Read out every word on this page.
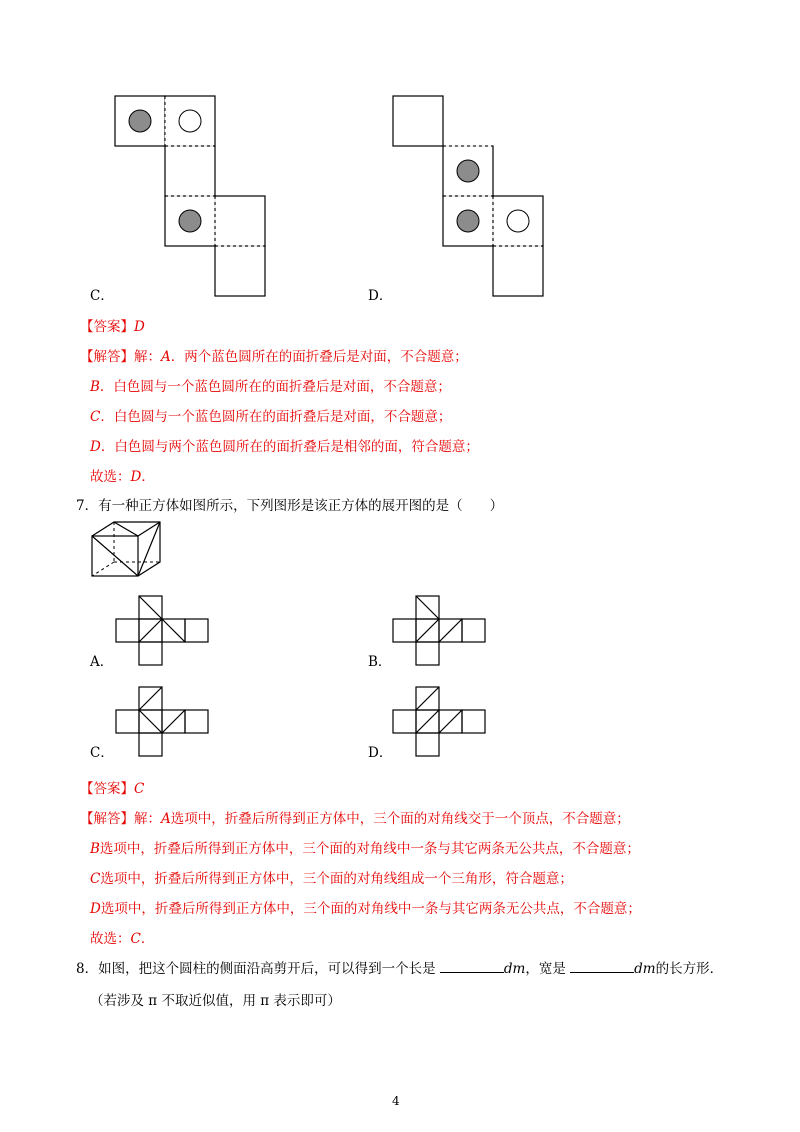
C．	D．
【答案】D
【解答】解：A．两个蓝色圆所在的面折叠后是对面，不合题意；
B．白色圆与一个蓝色圆所在的面折叠后是对面，不合题意；
C．白色圆与一个蓝色圆所在的面折叠后是对面，不合题意；
D．白色圆与两个蓝色圆所在的面折叠后是相邻的面，符合题意；
故选：D．
7．有一种正方体如图所示，下列图形是该正方体的展开图的是（　　）
A．	B．
C．	D．
【答案】C
【解答】解：A选项中，折叠后所得到正方体中，三个面的对角线交于一个顶点，不合题意；
B选项中，折叠后所得到正方体中，三个面的对角线中一条与其它两条无公共点，不合题意；
C选项中，折叠后所得到正方体中，三个面的对角线组成一个三角形，符合题意；
D选项中，折叠后所得到正方体中，三个面的对角线中一条与其它两条无公共点，不合题意；
故选：C．
8．如图，把这个圆柱的侧面沿高剪开后，可以得到一个长是	dm，宽是	dm的长方形．
（若涉及 π 不取近似值，用 π 表示即可）
4
